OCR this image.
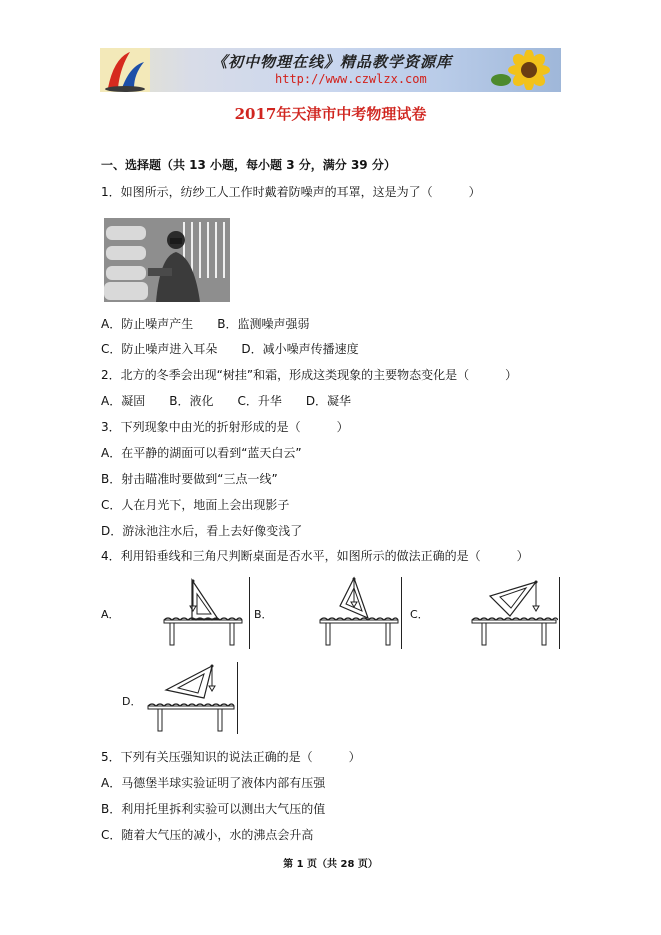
《初中物理在线》精品教学资源库
http://www.czwlzx.com
2017年天津市中考物理试卷
一、选择题（共 13 小题，每小题 3 分，满分 39 分）
1．如图所示，纺纱工人工作时戴着防噪声的耳罩，这是为了（　　　）
A．防止噪声产生　　B．监测噪声强弱
C．防止噪声进入耳朵　　D．减小噪声传播速度
2．北方的冬季会出现“树挂”和霜，形成这类现象的主要物态变化是（　　　）
A．凝固　　B．液化　　C．升华　　D．凝华
3．下列现象中由光的折射形成的是（　　　）
A．在平静的湖面可以看到“蓝天白云”
B．射击瞄准时要做到“三点一线”
C．人在月光下，地面上会出现影子
D．游泳池注水后，看上去好像变浅了
4．利用铅垂线和三角尺判断桌面是否水平，如图所示的做法正确的是（　　　）
A．	B．	C．
D．
5．下列有关压强知识的说法正确的是（　　　）
A．马德堡半球实验证明了液体内部有压强
B．利用托里拆利实验可以测出大气压的值
C．随着大气压的减小，水的沸点会升高
第 1 页（共 28 页）
